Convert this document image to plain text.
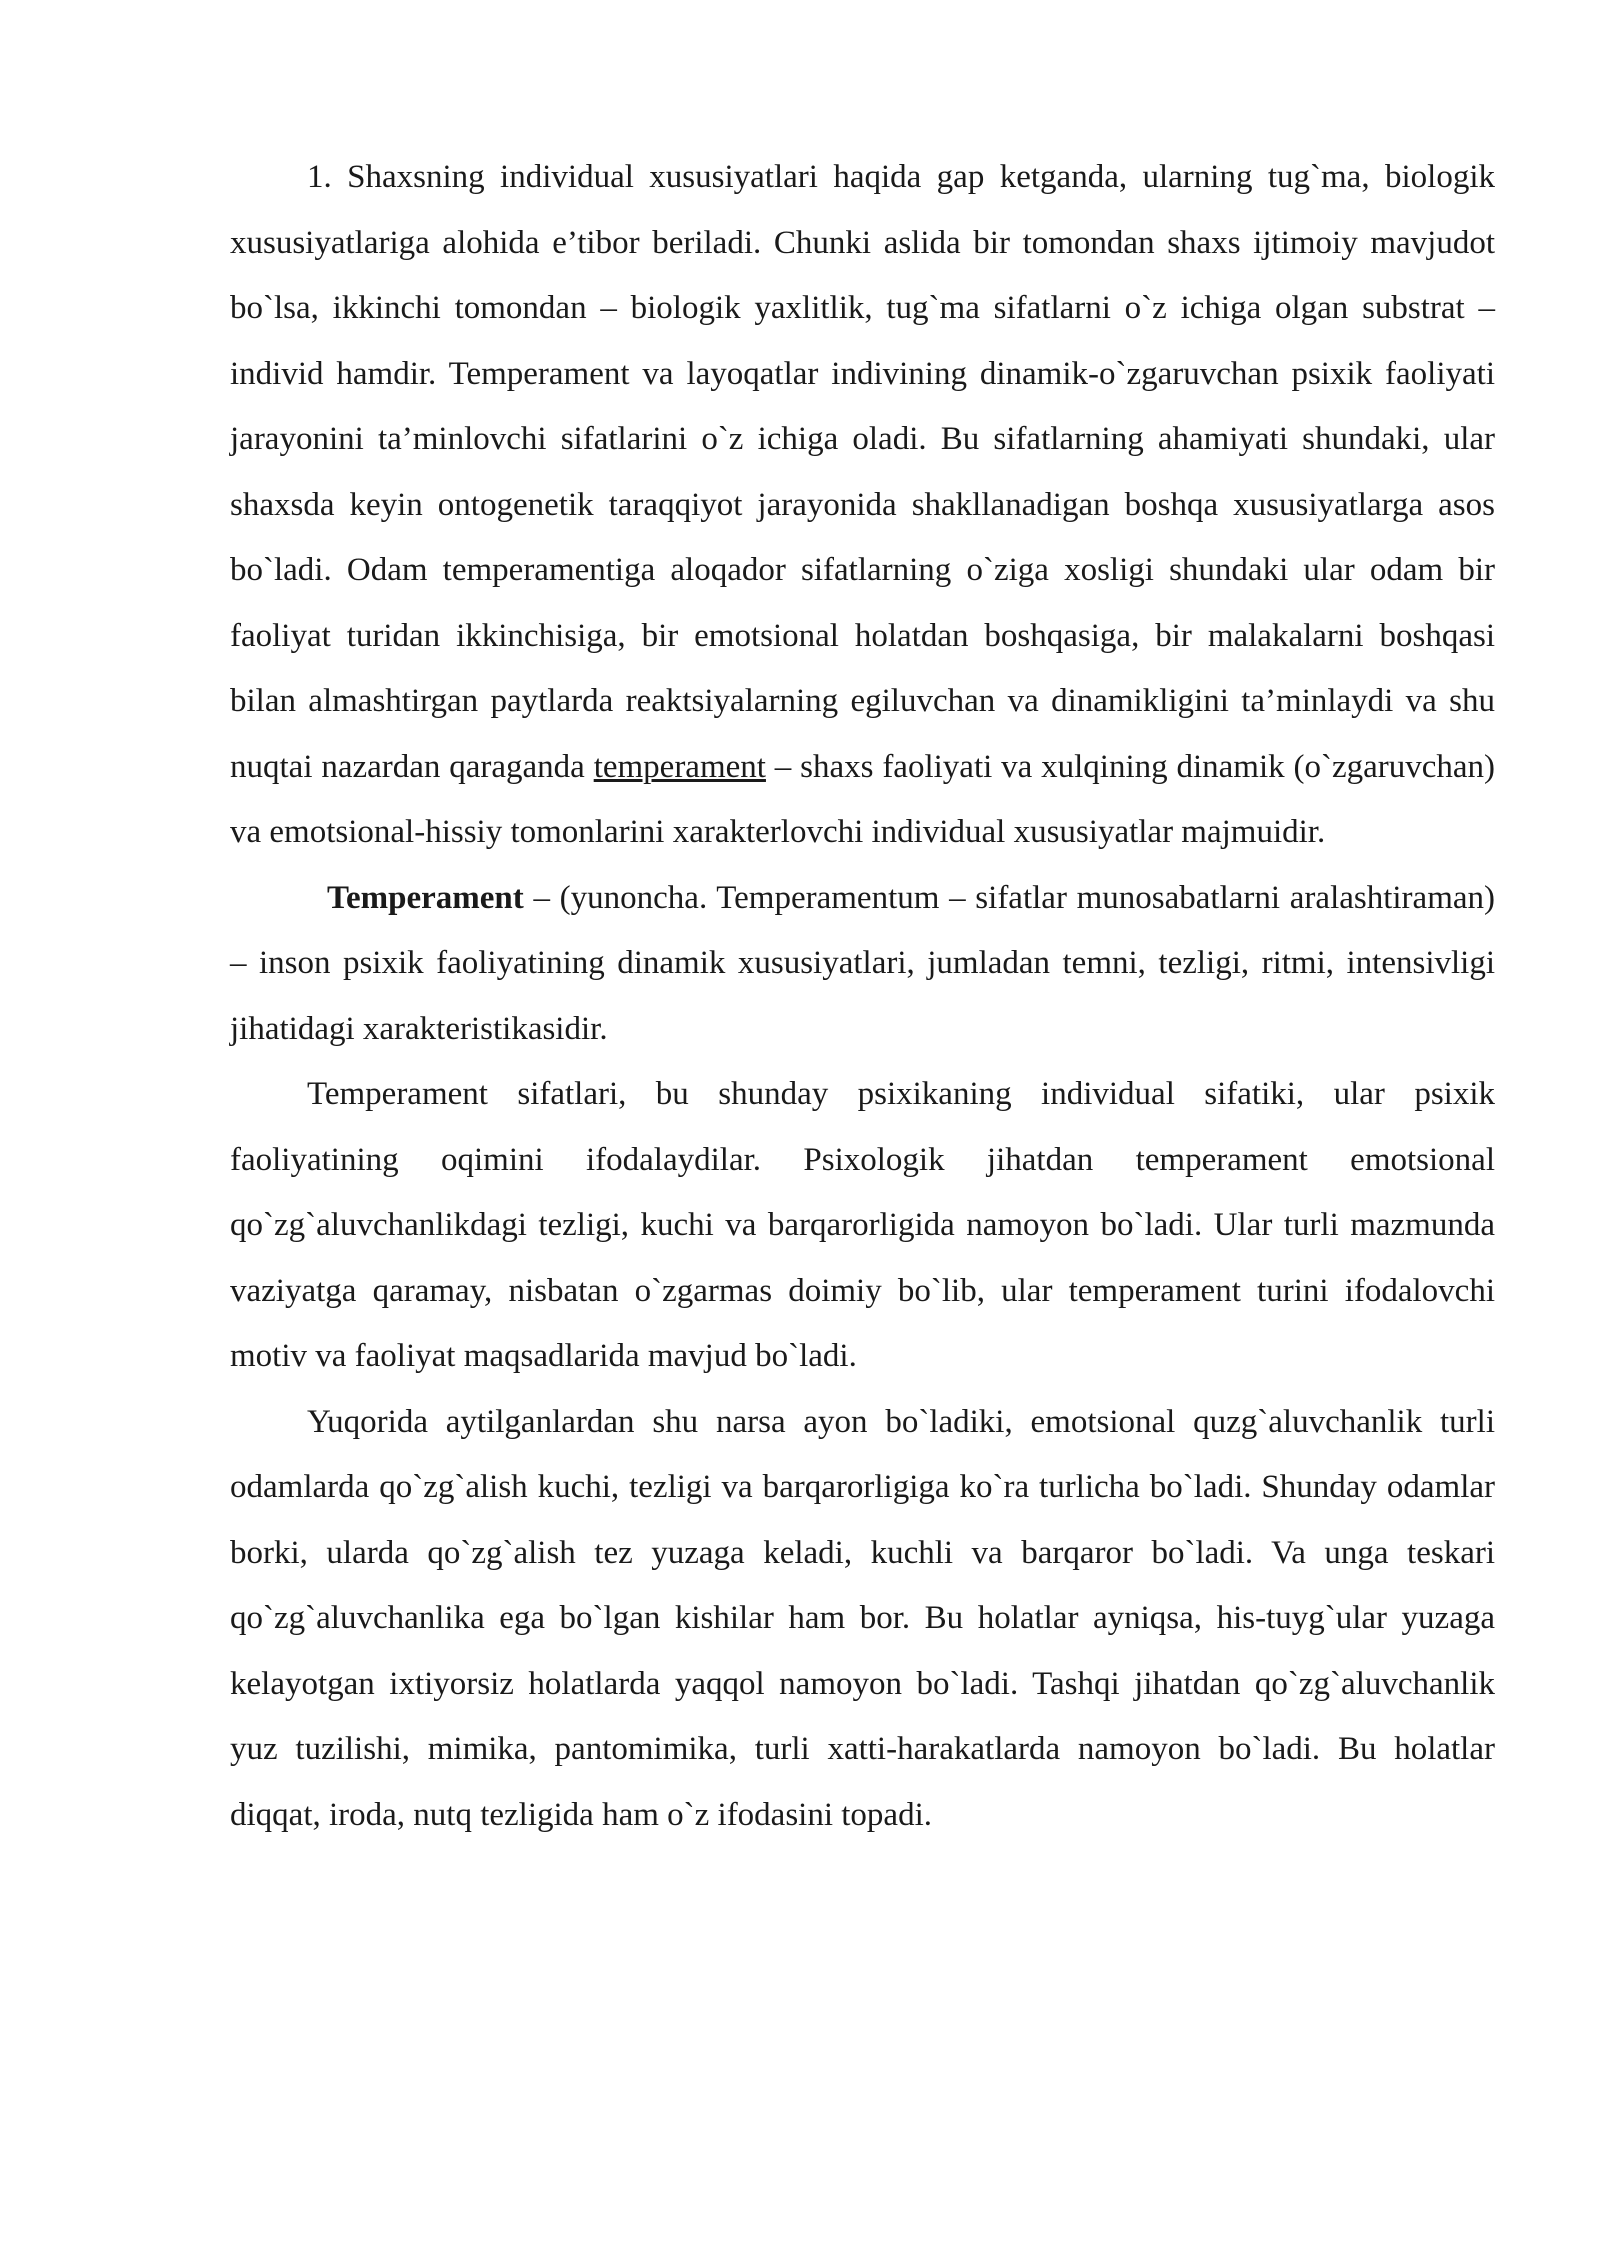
1. Shaxsning individual xususiyatlari haqida gap ketganda, ularning tug`ma, biologik xususiyatlariga alohida e’tibor beriladi. Chunki aslida bir tomondan shaxs ijtimoiy mavjudot bo`lsa, ikkinchi tomondan – biologik yaxlitlik, tug`ma sifatlarni o`z ichiga olgan substrat – individ hamdir. Temperament va layoqatlar indivining dinamik-o`zgaruvchan psixik faoliyati jarayonini ta’minlovchi sifatlarini o`z ichiga oladi. Bu sifatlarning ahamiyati shundaki, ular shaxsda keyin ontogenetik taraqqiyot jarayonida shakllanadigan boshqa xususiyatlarga asos bo`ladi. Odam temperamentiga aloqador sifatlarning o`ziga xosligi shundaki ular odam bir faoliyat turidan ikkinchisiga, bir emotsional holatdan boshqasiga, bir malakalarni boshqasi bilan almashtirgan paytlarda reaktsiyalarning egiluvchan va dinamikligini ta’minlaydi va shu nuqtai nazardan qaraganda temperament – shaxs faoliyati va xulqining dinamik (o`zgaruvchan) va emotsional-hissiy tomonlarini xarakterlovchi individual xususiyatlar majmuidir.

Temperament – (yunoncha. Temperamentum – sifatlar munosabatlarni aralashtiraman) – inson psixik faoliyatining dinamik xususiyatlari, jumladan temni, tezligi, ritmi, intensivligi jihatidagi xarakteristikasidir.

Temperament sifatlari, bu shunday psixikaning individual sifatiki, ular psixik faoliyatining oqimini ifodalaydilar. Psixologik jihatdan temperament emotsional qo`zg`aluvchanlikdagi tezligi, kuchi va barqarorligida namoyon bo`ladi. Ular turli mazmunda vaziyatga qaramay, nisbatan o`zgarmas doimiy bo`lib, ular temperament turini ifodalovchi motiv va faoliyat maqsadlarida mavjud bo`ladi.

Yuqorida aytilganlardan shu narsa ayon bo`ladiki, emotsional quzg`aluvchanlik turli odamlarda qo`zg`alish kuchi, tezligi va barqarorligiga ko`ra turlicha bo`ladi. Shunday odamlar borki, ularda qo`zg`alish tez yuzaga keladi, kuchli va barqaror bo`ladi. Va unga teskari qo`zg`aluvchanlika ega bo`lgan kishilar ham bor. Bu holatlar ayniqsa, his-tuyg`ular yuzaga kelayotgan ixtiyorsiz holatlarda yaqqol namoyon bo`ladi. Tashqi jihatdan qo`zg`aluvchanlik yuz tuzilishi, mimika, pantomimika, turli xatti-harakatlarda namoyon bo`ladi. Bu holatlar diqqat, iroda, nutq tezligida ham o`z ifodasini topadi.
